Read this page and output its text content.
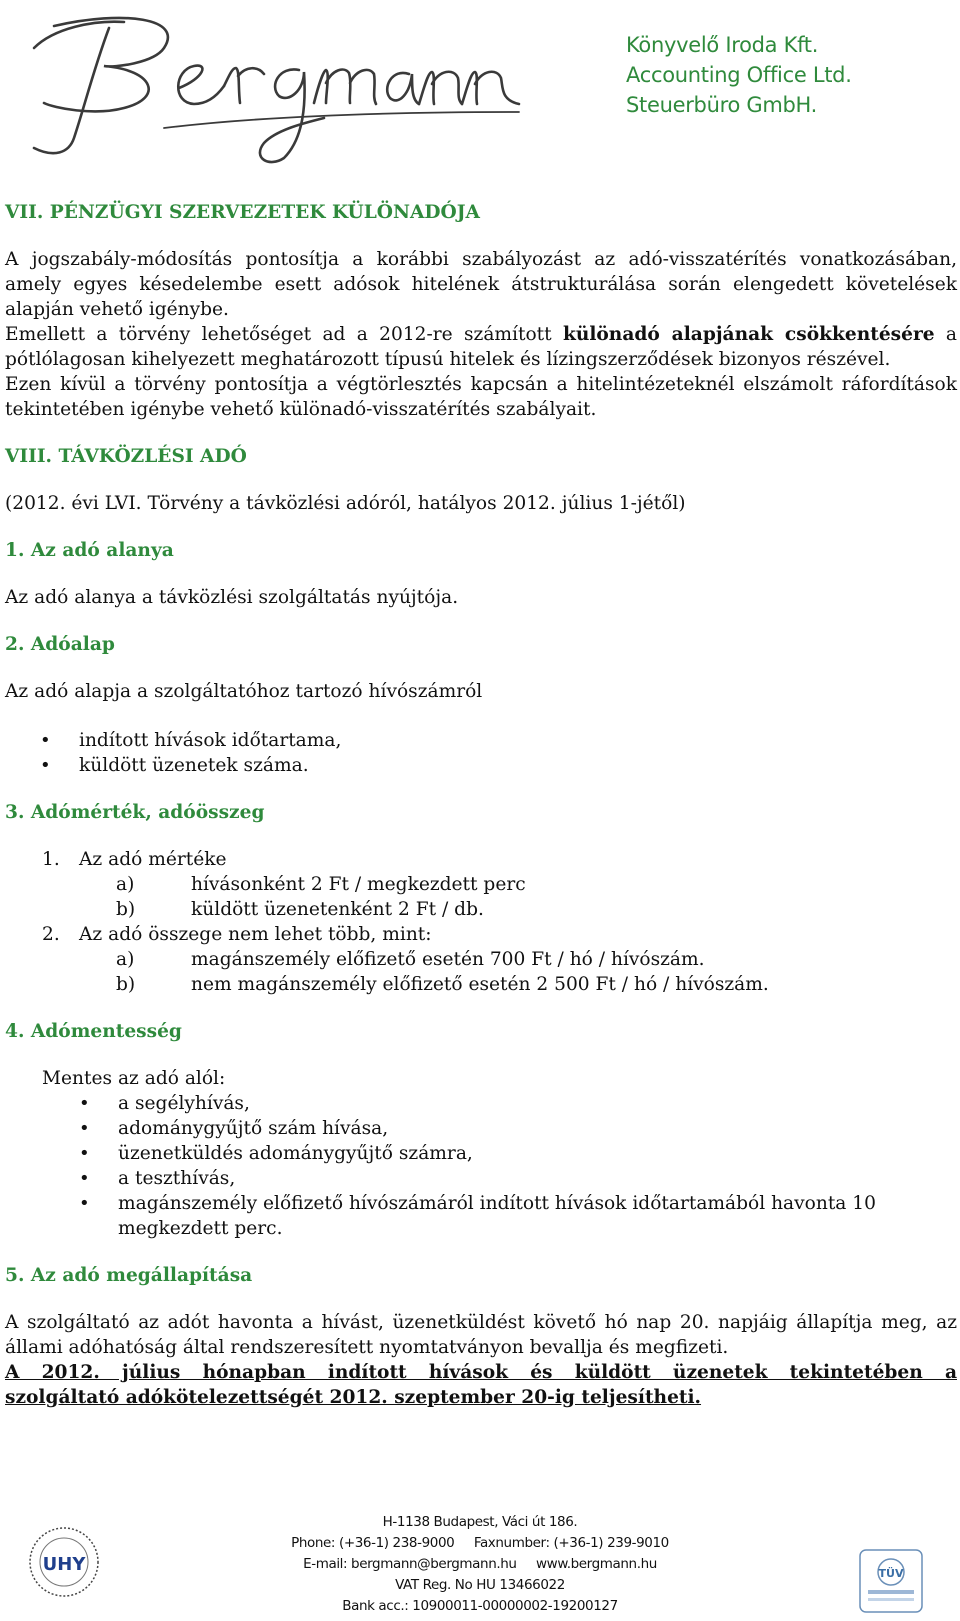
Könyvelő Iroda Kft.
Accounting Office Ltd.
Steuerbüro GmbH.
VII. PÉNZÜGYI SZERVEZETEK KÜLÖNADÓJA

A jogszabály-módosítás pontosítja a korábbi szabályozást az adó-visszatérítés vonatkozásában, amely egyes késedelembe esett adósok hitelének átstrukturálása során elengedett követelések alapján vehető igénybe.

Emellett a törvény lehetőséget ad a 2012-re számított különadó alapjának csökkentésére a pótlólagosan kihelyezett meghatározott típusú hitelek és lízingszerződések bizonyos részével.

Ezen kívül a törvény pontosítja a végtörlesztés kapcsán a hitelintézeteknél elszámolt ráfordítások tekintetében igénybe vehető különadó-visszatérítés szabályait.

VIII. TÁVKÖZLÉSI ADÓ

(2012. évi LVI. Törvény a távközlési adóról, hatályos 2012. július 1-jétől)

1. Az adó alanya

Az adó alanya a távközlési szolgáltatás nyújtója.

2. Adóalap

Az adó alapja a szolgáltatóhoz tartozó hívószámról

• indított hívások időtartama,
• küldött üzenetek száma.
3. Adómérték, adóösszeg
1. Az adó mértéke
a)	hívásonként 2 Ft / megkezdett perc
b)	küldött üzenetenként 2 Ft / db.
2. Az adó összege nem lehet több, mint:
a)	magánszemély előfizető esetén 700 Ft / hó / hívószám.
b)	nem magánszemély előfizető esetén 2 500 Ft / hó / hívószám.
4. Adómentesség

Mentes az adó alól:

• • a segélyhívás,
• • adománygyűjtő szám hívása,
• • üzenetküldés adománygyűjtő számra,
• • a teszthívás,
• • magánszemély előfizető hívószámáról indított hívások időtartamából havonta 10 megkezdett perc.
5. Az adó megállapítása

A szolgáltató az adót havonta a hívást, üzenetküldést követő hó nap 20. napjáig állapítja meg, az állami adóhatóság által rendszeresített nyomtatványon bevallja és megfizeti.

A 2012. július hónapban indított hívások és küldött üzenetek tekintetében a

szolgáltató adókötelezettségét 2012. szeptember 20-ig teljesítheti.

UHY
H-1138 Budapest, Váci út 186.
Phone: (+36-1) 238-9000 Faxnumber: (+36-1) 239-9010
E-mail: bergmann@bergmann.hu www.bergmann.hu
VAT Reg. No HU 13466022
Bank acc.: 10900011-00000002-19200127
TÜV
